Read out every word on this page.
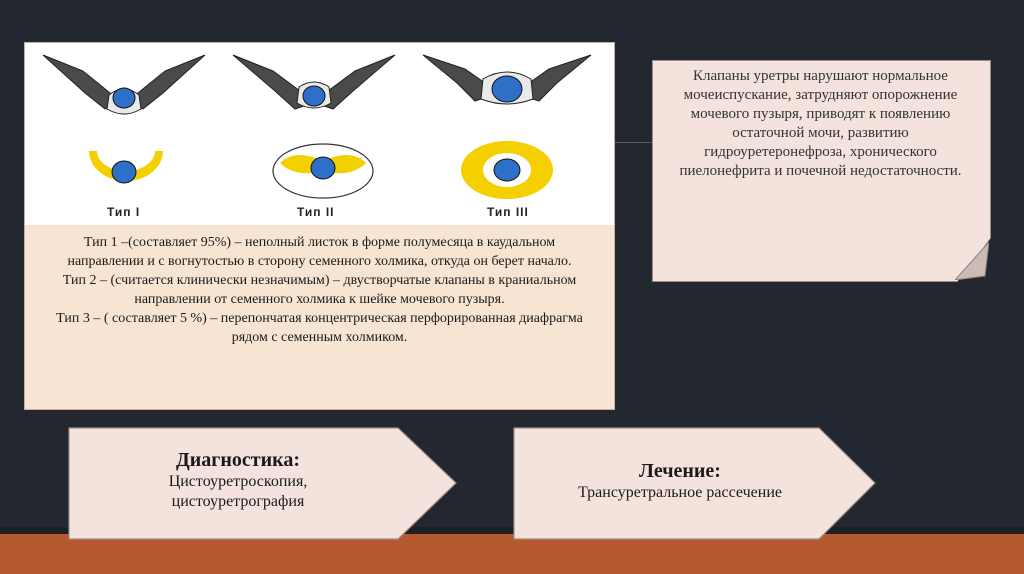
Тип I	Тип II	Тип III

Тип 1 –(составляет 95%) – неполный листок в форме полумесяца в каудальном направлении и с вогнутостью в сторону семенного холмика, откуда он берет начало.

Тип 2 – (считается клинически незначимым) – двустворчатые клапаны в краниальном направлении от семенного холмика к шейке мочевого пузыря.

Тип 3 – ( составляет 5 %) – перепончатая концентрическая перфорированная диафрагма рядом с семенным холмиком.

Клапаны уретры нарушают нормальное мочеиспускание, затрудняют опорожнение мочевого пузыря, приводят к появлению остаточной мочи, развитию гидроуретеронефроза, хронического пиелонефрита и почечной недостаточности.
Диагностика:
Цистоуретроскопия,
цистоуретрография
Лечение:
Трансуретральное рассечение
